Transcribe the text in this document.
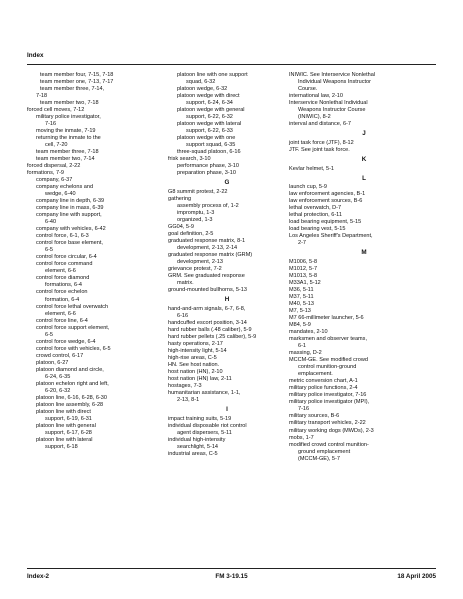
Index

team member four, 7-15, 7-18

team member one, 7-13, 7-17

team member three, 7-14,

7-18

team member two, 7-18

forced cell moves, 7-12

military police investigator,

7-16

moving the inmate, 7-19

returning the inmate to the

cell, 7-20

team member three, 7-18

team member two, 7-14

forced dispersal, 2-22

formations, 7-9

company, 6-37

company echelons and

wedge, 6-40

company line in depth, 6-39

company line in mass, 6-39

company line with support,

6-40

company with vehicles, 6-42

control force, 6-1, 6-3

control force base element,

6-5

control force circular, 6-4

control force command

element, 6-6

control force diamond

formations, 6-4

control force echelon

formation, 6-4

control force lethal overwatch

element, 6-6

control force line, 6-4

control force support element,

6-5

control force wedge, 6-4

control force with vehicles, 6-5

crowd control, 6-17

platoon, 6-27

platoon diamond and circle,

6-24, 6-35

platoon echelon right and left,

6-20, 6-32

platoon line, 6-16, 6-28, 6-30

platoon line assembly, 6-28

platoon line with direct

support, 6-19, 6-31

platoon line with general

support, 6-17, 6-28

platoon line with lateral

support, 6-18

platoon line with one support

squad, 6-32

platoon wedge, 6-32

platoon wedge with direct

support, 6-24, 6-34

platoon wedge with general

support, 6-22, 6-32

platoon wedge with lateral

support, 6-22, 6-33

platoon wedge with one

support squad, 6-35

three-squad platoon, 6-16

frisk search, 3-10

performance phase, 3-10

preparation phase, 3-10

G

G8 summit protest, 2-22

gathering

assembly process of, 1-2

impromptu, 1-3

organized, 1-3

GG04, 5-9

goal definition, 2-5

graduated response matrix, 8-1

development, 2-13, 2-14

graduated response matrix (GRM)

development, 2-13

grievance protest, 7-2

GRM. See graduated response

matrix.

ground-mounted bullhorns, 5-13

H

hand-and-arm signals, 6-7, 6-8,

6-16

handcuffed escort position, 3-14

hard rubber balls (.48 caliber), 5-9

hard rubber pellets (.25 caliber), 5-9

hasty operations, 2-17

high-intensity light, 5-14

high-rise areas, C-5

HN. See host nation.

host nation (HN), 2-10

host nation (HN) law, 2-11

hostages, 7-3

humanitarian assistance, 1-1,

2-13, 8-1

I

impact training suits, 5-19

individual disposable riot control

agent dispersers, 5-11

individual high-intensity

searchlight, 5-14

industrial areas, C-5

INIWIC. See Interservice Nonlethal

Individual Weapons Instructor

Course.

international law, 2-10

Interservice Nonlethal Individual

Weapons Instructor Course

(INIWIC), 8-2

interval and distance, 6-7

J

joint task force (JTF), 8-12

JTF. See joint task force.

K

Kevlar helmet, 5-1

L

launch cup, 5-9

law enforcement agencies, B-1

law enforcement sources, B-6

lethal overwatch, D-7

lethal protection, 6-11

load bearing equipment, 5-15

load bearing vest, 5-15

Los Angeles Sheriff's Department,

2-7

M

M1006, 5-8

M1012, 5-7

M1013, 5-8

M33A1, 5-12

M36, 5-11

M37, 5-11

M40, 5-13

M7, 5-13

M7 66-millimeter launcher, 5-6

M84, 5-9

mandates, 2-10

marksmen and observer teams,

6-1

massing, D-2

MCCM-GE. See modified crowd

control munition-ground

emplacement.

metric conversion chart, A-1

military police functions, 2-4

military police investigator, 7-16

military police investigator (MPI),

7-16

military sources, B-6

military transport vehicles, 2-22

military working dogs (MWDs), 2-3

mobs, 1-7

modified crowd control munition-

ground emplacement

(MCCM-GE), 5-7

Index-2	FM 3-19.15	18 April 2005
